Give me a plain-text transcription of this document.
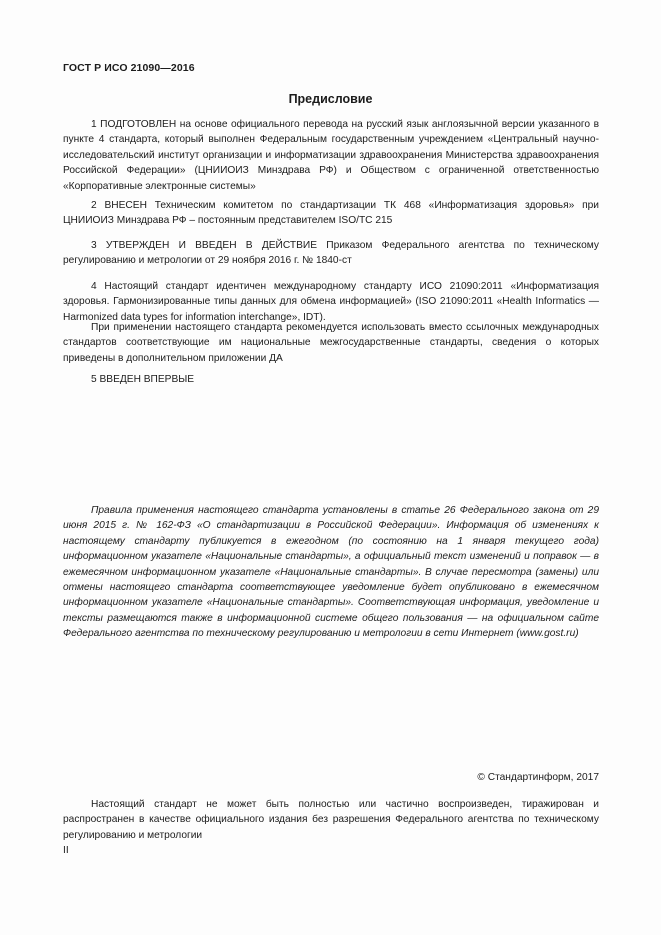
ГОСТ Р ИСО 21090—2016
Предисловие

1 ПОДГОТОВЛЕН на основе официального перевода на русский язык англоязычной версии указанного в пункте 4 стандарта, который выполнен Федеральным государственным учреждением «Центральный научно-исследовательский институт организации и информатизации здравоохранения Министерства здравоохранения Российской Федерации» (ЦНИИОИЗ Минздрава РФ) и Обществом с ограниченной ответственностью «Корпоративные электронные системы»

2 ВНЕСЕН Техническим комитетом по стандартизации ТК 468 «Информатизация здоровья» при ЦНИИОИЗ Минздрава РФ – постоянным представителем ISO/TC 215

3 УТВЕРЖДЕН И ВВЕДЕН В ДЕЙСТВИЕ Приказом Федерального агентства по техническому регулированию и метрологии от 29 ноября 2016 г. № 1840-ст

4 Настоящий стандарт идентичен международному стандарту ИСО 21090:2011 «Информатизация здоровья. Гармонизированные типы данных для обмена информацией» (ISO 21090:2011 «Health Informatics — Harmonized data types for information interchange», IDT).

При применении настоящего стандарта рекомендуется использовать вместо ссылочных международных стандартов соответствующие им национальные межгосударственные стандарты, сведения о которых приведены в дополнительном приложении ДА

5 ВВЕДЕН ВПЕРВЫЕ

Правила применения настоящего стандарта установлены в статье 26 Федерального закона от 29 июня 2015 г. № 162-ФЗ «О стандартизации в Российской Федерации». Информация об изменениях к настоящему стандарту публикуется в ежегодном (по состоянию на 1 января текущего года) информационном указателе «Национальные стандарты», а официальный текст изменений и поправок — в ежемесячном информационном указателе «Национальные стандарты». В случае пересмотра (замены) или отмены настоящего стандарта соответствующее уведомление будет опубликовано в ежемесячном информационном указателе «Национальные стандарты». Соответствующая информация, уведомление и тексты размещаются также в информационной системе общего пользования — на официальном сайте Федерального агентства по техническому регулированию и метрологии в сети Интернет (www.gost.ru)

© Стандартинформ, 2017

Настоящий стандарт не может быть полностью или частично воспроизведен, тиражирован и распространен в качестве официального издания без разрешения Федерального агентства по техническому регулированию и метрологии

II
